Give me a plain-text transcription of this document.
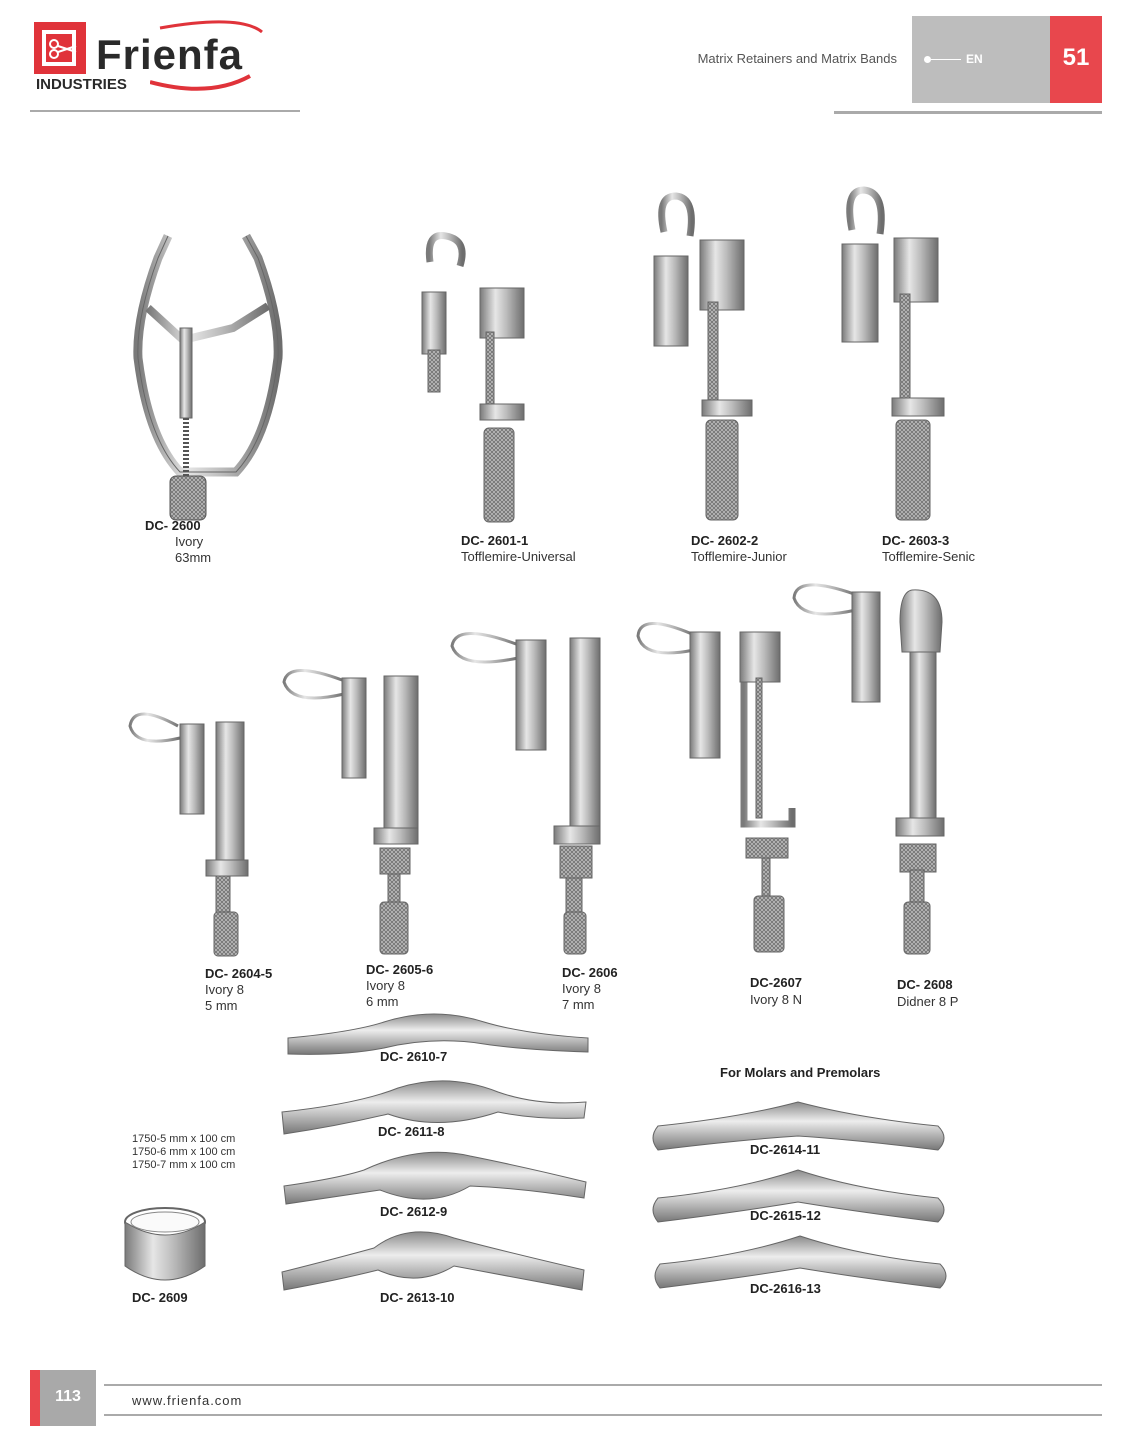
Frienfa
INDUSTRIES
Matrix Retainers and Matrix Bands	EN	51
DC- 2600
Ivory
63mm
DC- 2601-1
Tofflemire-Universal
DC- 2602-2
Tofflemire-Junior
DC- 2603-3
Tofflemire-Senic
DC- 2604-5
Ivory 8
5 mm
DC- 2605-6
Ivory 8
6 mm
DC- 2606
Ivory 8
7 mm
DC-2607
Ivory 8 N
DC- 2608
Didner 8 P
DC- 2610-7
DC- 2611-8
DC- 2612-9
DC- 2613-10
For Molars and Premolars
DC-2614-11
DC-2615-12
DC-2616-13
1750-5 mm x 100 cm
1750-6 mm x 100 cm
1750-7 mm x 100 cm
DC- 2609
113	www.frienfa.com
